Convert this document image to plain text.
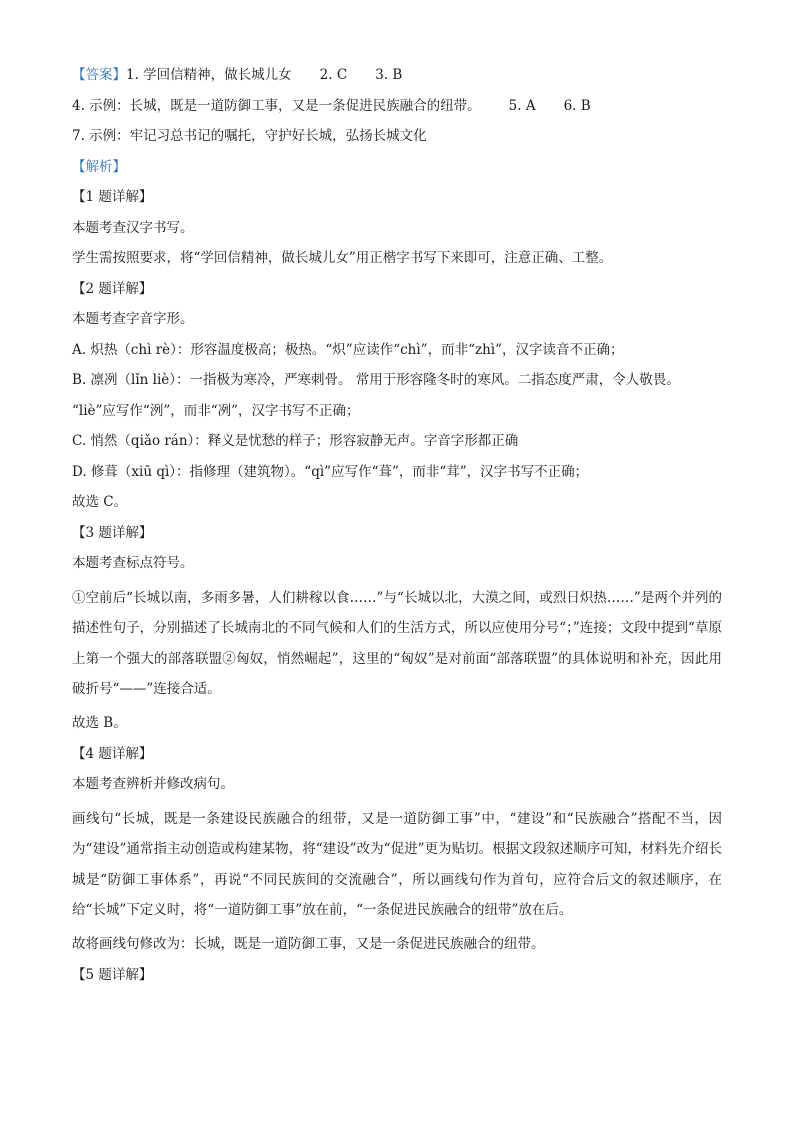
【答案】1. 学回信精神，做长城儿女 2. C 3. B

4. 示例：长城，既是一道防御工事，又是一条促进民族融合的纽带。 5. A 6. B

7. 示例：牢记习总书记的嘱托，守护好长城，弘扬长城文化

【解析】

【1 题详解】

本题考查汉字书写。

学生需按照要求，将“学回信精神，做长城儿女”用正楷字书写下来即可，注意正确、工整。

【2 题详解】

本题考查字音字形。

A. 炽热（chì rè）：形容温度极高；极热。“炽”应读作“chì”，而非“zhì”，汉字读音不正确；

B. 凛冽（lǐn liè）：一指极为寒冷，严寒刺骨。 常用于形容隆冬时的寒风。二指态度严肃，令人敬畏。

“liè”应写作“洌”，而非“冽”，汉字书写不正确；

C. 悄然（qiǎo rán）：释义是忧愁的样子；形容寂静无声。字音字形都正确

D. 修葺（xiū qì）：指修理（建筑物）。“qì”应写作“葺”，而非“茸”，汉字书写不正确；

故选 C。

【3 题详解】

本题考查标点符号。

①空前后“长城以南，多雨多暑，人们耕稼以食……”与“长城以北，大漠之间，或烈日炽热……”是两个并列的描述性句子，分别描述了长城南北的不同气候和人们的生活方式，所以应使用分号“；”连接；文段中提到“草原上第一个强大的部落联盟②匈奴，悄然崛起”，这里的“匈奴”是对前面“部落联盟”的具体说明和补充，因此用破折号“——”连接合适。

故选 B。

【4 题详解】

本题考查辨析并修改病句。

画线句“长城，既是一条建设民族融合的纽带，又是一道防御工事”中，“建设”和“民族融合”搭配不当，因为“建设”通常指主动创造或构建某物，将“建设”改为“促进”更为贴切。根据文段叙述顺序可知，材料先介绍长城是“防御工事体系”，再说“不同民族间的交流融合”，所以画线句作为首句，应符合后文的叙述顺序，在给“长城”下定义时，将“一道防御工事”放在前，“一条促进民族融合的纽带”放在后。

故将画线句修改为：长城，既是一道防御工事，又是一条促进民族融合的纽带。

【5 题详解】
